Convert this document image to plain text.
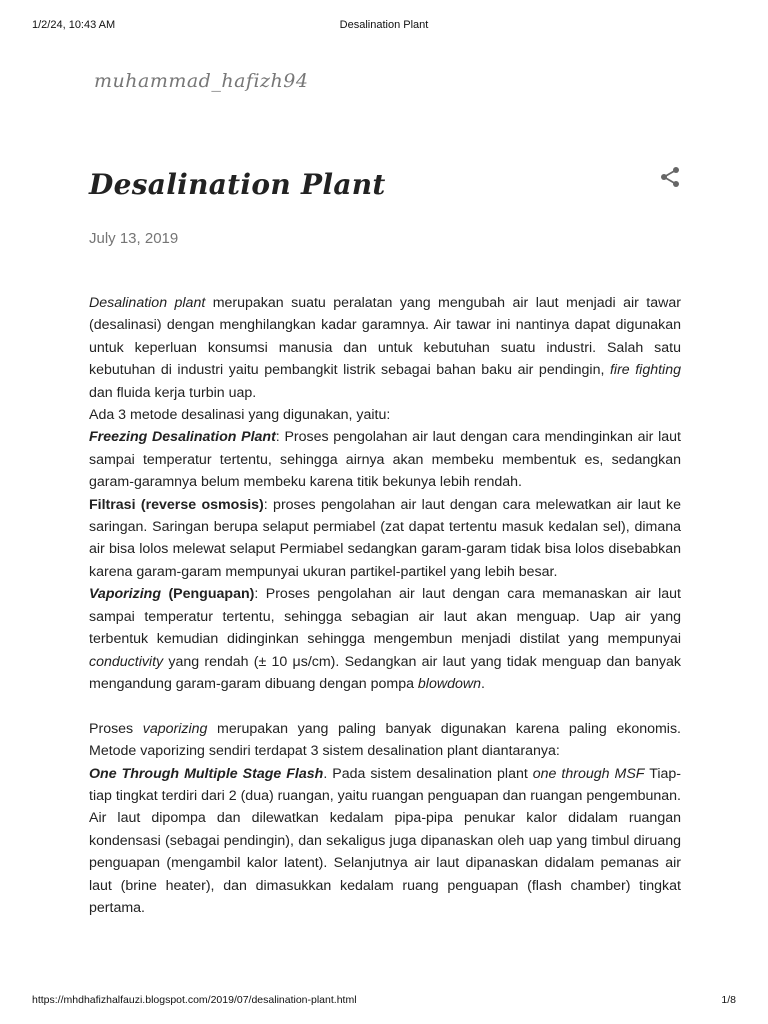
1/2/24, 10:43 AM	Desalination Plant
muhammad_hafizh94
Desalination Plant
July 13, 2019

Desalination plant merupakan suatu peralatan yang mengubah air laut menjadi air tawar (desalinasi) dengan menghilangkan kadar garamnya. Air tawar ini nantinya dapat digunakan untuk keperluan konsumsi manusia dan untuk kebutuhan suatu industri. Salah satu kebutuhan di industri yaitu pembangkit listrik sebagai bahan baku air pendingin, fire fighting dan fluida kerja turbin uap.

Ada 3 metode desalinasi yang digunakan, yaitu:

Freezing Desalination Plant: Proses pengolahan air laut dengan cara mendinginkan air laut sampai temperatur tertentu, sehingga airnya akan membeku membentuk es, sedangkan garam-garamnya belum membeku karena titik bekunya lebih rendah.

Filtrasi (reverse osmosis): proses pengolahan air laut dengan cara melewatkan air laut ke saringan. Saringan berupa selaput permiabel (zat dapat tertentu masuk kedalan sel), dimana air bisa lolos melewat selaput Permiabel sedangkan garam-garam tidak bisa lolos disebabkan karena garam-garam mempunyai ukuran partikel-partikel yang lebih besar.

Vaporizing (Penguapan): Proses pengolahan air laut dengan cara memanaskan air laut sampai temperatur tertentu, sehingga sebagian air laut akan menguap. Uap air yang terbentuk kemudian didinginkan sehingga mengembun menjadi distilat yang mempunyai conductivity yang rendah (± 10 μs/cm). Sedangkan air laut yang tidak menguap dan banyak mengandung garam-garam dibuang dengan pompa blowdown.

Proses vaporizing merupakan yang paling banyak digunakan karena paling ekonomis. Metode vaporizing sendiri terdapat 3 sistem desalination plant diantaranya:

One Through Multiple Stage Flash. Pada sistem desalination plant one through MSF Tiap-tiap tingkat terdiri dari 2 (dua) ruangan, yaitu ruangan penguapan dan ruangan pengembunan. Air laut dipompa dan dilewatkan kedalam pipa-pipa penukar kalor didalam ruangan kondensasi (sebagai pendingin), dan sekaligus juga dipanaskan oleh uap yang timbul diruang penguapan (mengambil kalor latent). Selanjutnya air laut dipanaskan didalam pemanas air laut (brine heater), dan dimasukkan kedalam ruang penguapan (flash chamber) tingkat pertama.

https://mhdhafizhalfauzi.blogspot.com/2019/07/desalination-plant.html	1/8
